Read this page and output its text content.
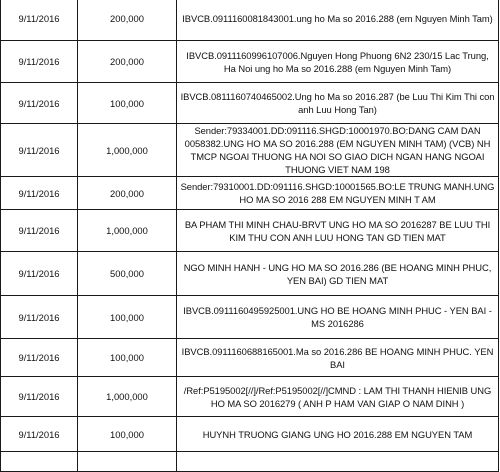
9/11/2016	200,000	IBVCB.0911160081843001.ung ho Ma so 2016.288 (em Nguyen Minh Tam)
9/11/2016	200,000	IBVCB.0911160996107006.Nguyen Hong Phuong 6N2 230/15 Lac Trung, Ha Noi ung ho Ma so 2016.288 (em Nguyen Minh Tam)
9/11/2016	100,000	IBVCB.0811160740465002.Ung ho Ma so 2016.287 (be Luu Thi Kim Thi con anh Luu Hong Tan)
9/11/2016	1,000,000	Sender:79334001.DD:091116.SHGD:10001970.BO:DANG CAM DAN 0058382.UNG HO MA SO 2016.288 (EM NGUYEN MINH TAM) (VCB) NH TMCP NGOAI THUONG HA NOI SO GIAO DICH NGAN HANG NGOAI THUONG VIET NAM 198
9/11/2016	200,000	Sender:79310001.DD:091116.SHGD:10001565.BO:LE TRUNG MANH.UNG HO MA SO 2016 288 EM NGUYEN MINH T AM
9/11/2016	1,000,000	BA PHAM THI MINH CHAU-BRVT UNG HO MA SO 2016287 BE LUU THI KIM THU CON ANH LUU HONG TAN GD TIEN MAT
9/11/2016	500,000	NGO MINH HANH - UNG HO MA SO 2016.286 (BE HOANG MINH PHUC, YEN BAI) GD TIEN MAT
9/11/2016	100,000	IBVCB.0911160495925001.UNG HO BE HOANG MINH PHUC - YEN BAI - MS 2016286
9/11/2016	100,000	IBVCB.0911160688165001.Ma so 2016.286 BE HOANG MINH PHUC. YEN BAI
9/11/2016	1,000,000	/Ref:P5195002[//]/Ref:P5195002[//]CMND : LAM THI THANH HIENIB UNG HO MA SO 2016279 ( ANH P HAM VAN GIAP O NAM DINH )
9/11/2016	100,000	HUYNH TRUONG GIANG UNG HO 2016.288 EM NGUYEN TAM
